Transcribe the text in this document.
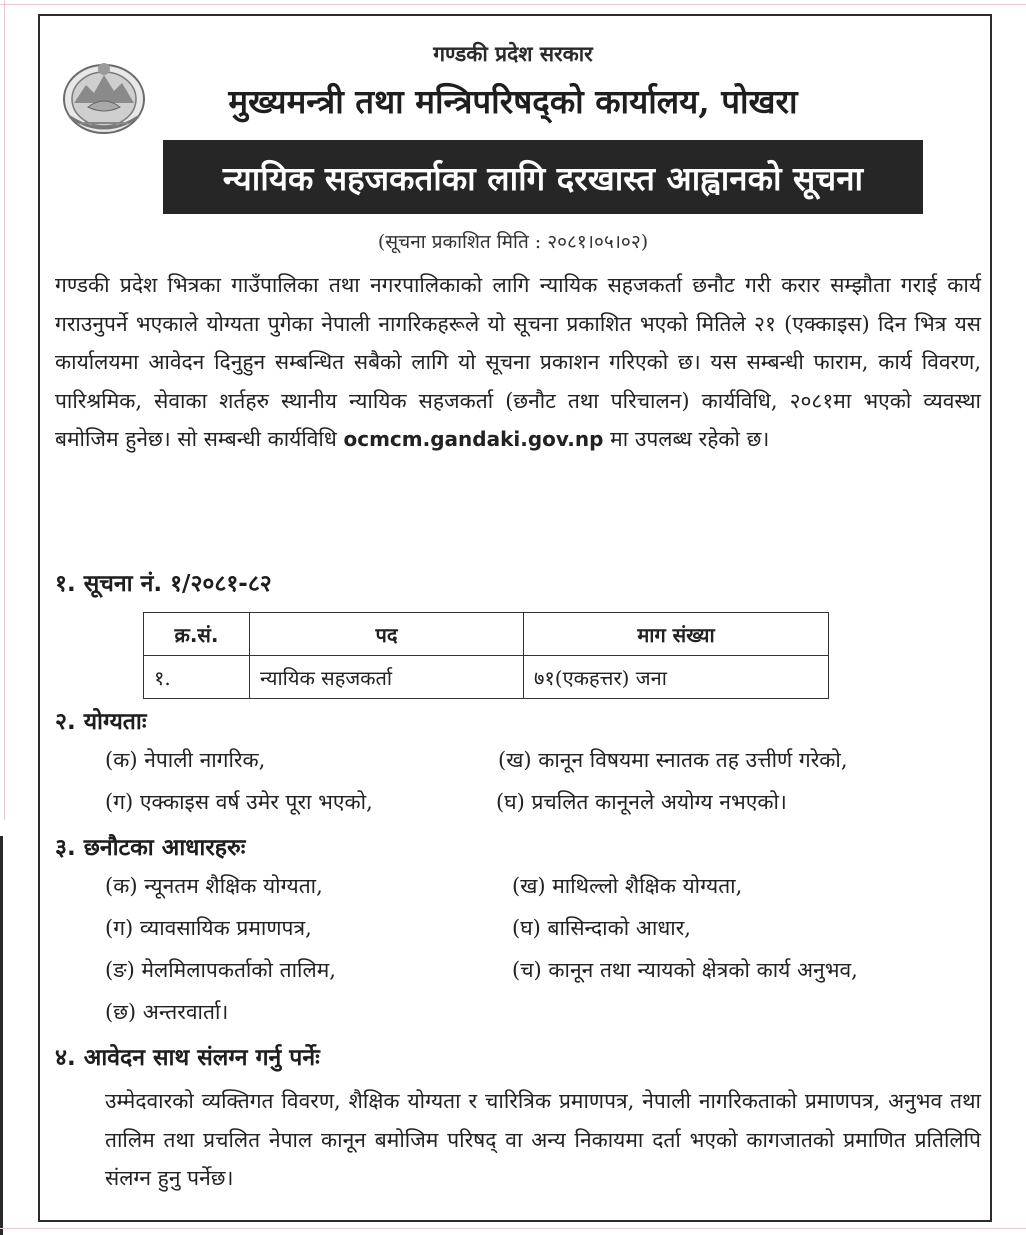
गण्डकी प्रदेश सरकार
मुख्यमन्त्री तथा मन्त्रिपरिषद्को कार्यालय, पोखरा
न्यायिक सहजकर्ताका लागि दरखास्त आह्वानको सूचना
(सूचना प्रकाशित मिति : २०८१।०५।०२)
गण्डकी प्रदेश भित्रका गाउँपालिका तथा नगरपालिकाको लागि न्यायिक सहजकर्ता छनौट गरी करार सम्झौता गराई कार्य गराउनुपर्ने भएकाले योग्यता पुगेका नेपाली नागरिकहरूले यो सूचना प्रकाशित भएको मितिले २१ (एक्काइस) दिन भित्र यस कार्यालयमा आवेदन दिनुहुन सम्बन्धित सबैको लागि यो सूचना प्रकाशन गरिएको छ। यस सम्बन्धी फाराम, कार्य विवरण, पारिश्रमिक, सेवाका शर्तहरु स्थानीय न्यायिक सहजकर्ता (छनौट तथा परिचालन) कार्यविधि, २०८१मा भएको व्यवस्था बमोजिम हुनेछ। सो सम्बन्धी कार्यविधि ocmcm.gandaki.gov.np मा उपलब्ध रहेको छ।
१. सूचना नं. १/२०८१-८२
क्र.सं.	पद	माग संख्या
१.	न्यायिक सहजकर्ता	७१(एकहत्तर) जना
२. योग्यताः
(क) नेपाली नागरिक,	(ख) कानून विषयमा स्नातक तह उत्तीर्ण गरेको,
(ग) एक्काइस वर्ष उमेर पूरा भएको,	(घ) प्रचलित कानूनले अयोग्य नभएको।
३. छनौटका आधारहरुः
(क) न्यूनतम शैक्षिक योग्यता,	(ख) माथिल्लो शैक्षिक योग्यता,
(ग) व्यावसायिक प्रमाणपत्र,	(घ) बासिन्दाको आधार,
(ङ) मेलमिलापकर्ताको तालिम,	(च) कानून तथा न्यायको क्षेत्रको कार्य अनुभव,
(छ) अन्तरवार्ता।
४. आवेदन साथ संलग्न गर्नु पर्नेः
उम्मेदवारको व्यक्तिगत विवरण, शैक्षिक योग्यता र चारित्रिक प्रमाणपत्र, नेपाली नागरिकताको प्रमाणपत्र, अनुभव तथा तालिम तथा प्रचलित नेपाल कानून बमोजिम परिषद् वा अन्य निकायमा दर्ता भएको कागजातको प्रमाणित प्रतिलिपि संलग्न हुनु पर्नेछ।
